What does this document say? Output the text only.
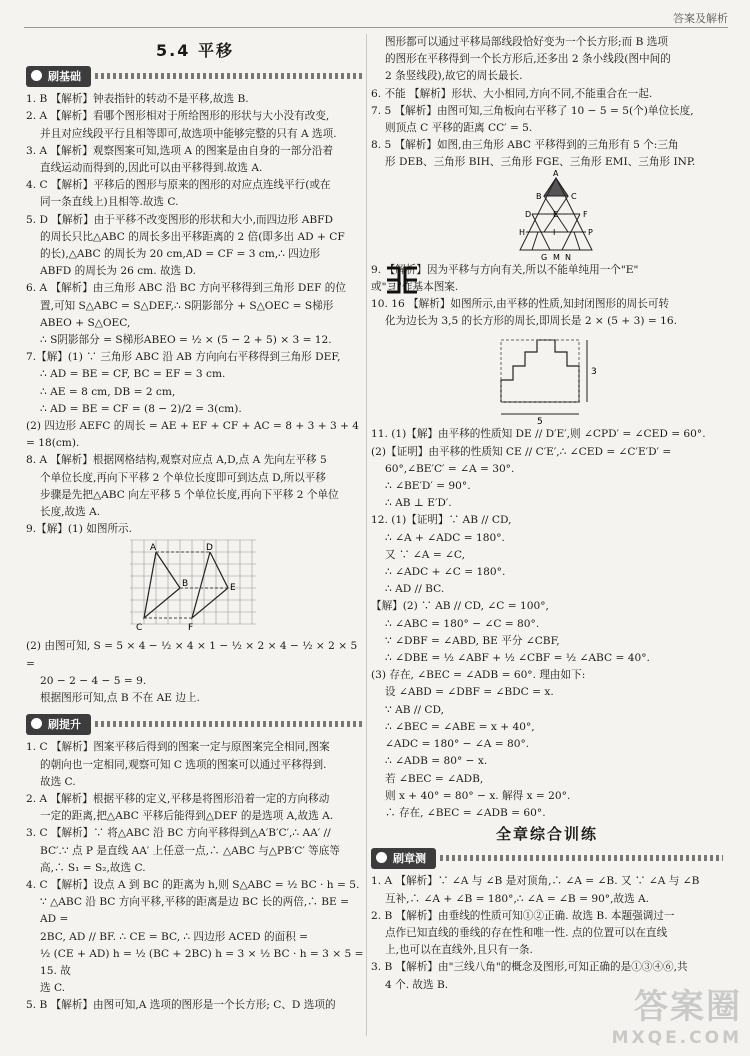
答案及解析
5.4 平移
刷基础

1. B 【解析】钟表指针的转动不是平移,故选 B.

2. A 【解析】看哪个图形相对于所给图形的形状与大小没有改变,

并且对应线段平行且相等即可,故选项中能够完整的只有 A 选项.

3. A 【解析】观察图案可知,选项 A 的图案是由自身的一部分沿着

直线运动而得到的,因此可以由平移得到.故选 A.

4. C 【解析】平移后的图形与原来的图形的对应点连线平行(或在

同一条直线上)且相等.故选 C.

5. D 【解析】由于平移不改变图形的形状和大小,而四边形 ABFD

的周长只比△ABC 的周长多出平移距离的 2 倍(即多出 AD + CF

的长),△ABC 的周长为 20 cm,AD = CF = 3 cm,∴ 四边形

ABFD 的周长为 26 cm. 故选 D.

6. A 【解析】由三角形 ABC 沿 BC 方向平移得到三角形 DEF 的位

置,可知 S△ABC = S△DEF,∴ S阴影部分 + S△OEC = S梯形ABEO + S△OEC,

∴ S阴影部分 = S梯形ABEO = ½ × (5 − 2 + 5) × 3 = 12.

7.【解】(1) ∵ 三角形 ABC 沿 AB 方向向右平移得到三角形 DEF,

∴ AD = BE = CF, BC = EF = 3 cm.

∴ AE = 8 cm, DB = 2 cm,

∴ AD = BE = CF = (8 − 2)/2 = 3(cm).

(2) 四边形 AEFC 的周长 = AE + EF + CF + AC = 8 + 3 + 3 + 4 = 18(cm).

8. A 【解析】根据网格结构,观察对应点 A,D,点 A 先向左平移 5

个单位长度,再向下平移 2 个单位长度即可到达点 D,所以平移

步骤是先把△ABC 向左平移 5 个单位长度,再向下平移 2 个单位

长度,故选 A.

9.【解】(1) 如图所示.

A	D
B	E
C	F

(2) 由图可知, S = 5 × 4 − ½ × 4 × 1 − ½ × 2 × 4 − ½ × 2 × 5 =

20 − 2 − 4 − 5 = 9.

根据图形可知,点 B 不在 AE 边上.

刷提升

1. C 【解析】图案平移后得到的图案一定与原图案完全相同,图案

的朝向也一定相同,观察可知 C 选项的图案可以通过平移得到.

故选 C.

2. A 【解析】根据平移的定义,平移是将图形沿着一定的方向移动

一定的距离,把△ABC 平移后能得到△DEF 的是选项 A,故选 A.

3. C 【解析】∵ 将△ABC 沿 BC 方向平移得到△A′B′C′,∴ AA′ //

BC′.∵ 点 P 是直线 AA′ 上任意一点,∴ △ABC 与△PB′C′ 等底等

高,∴ S₁ = S₂,故选 C.

4. C 【解析】设点 A 到 BC 的距离为 h,则 S△ABC = ½ BC · h = 5.

∵ △ABC 沿 BC 方向平移,平移的距离是边 BC 长的两倍,∴ BE = AD =

2BC, AD // BF. ∴ CE = BC, ∴ 四边形 ACED 的面积 =

½ (CE + AD) h = ½ (BC + 2BC) h = 3 × ½ BC · h = 3 × 5 = 15. 故

选 C.

5. B 【解析】由图可知,A 选项的图形是一个长方形; C、D 选项的

图形都可以通过平移局部线段恰好变为一个长方形;而 B 选项

的图形在平移得到一个长方形后,还多出 2 条小线段(图中间的

2 条竖线段),故它的周长最长.

6. 不能 【解析】形状、大小相同,方向不同,不能重合在一起.

7. 5 【解析】由图可知,三角板向右平移了 10 − 5 = 5(个)单位长度,

则顶点 C 平移的距离 CC′ = 5.

8. 5 【解析】如图,由三角形 ABC 平移得到的三角形有 5 个:三角

形 DEB、三角形 BIH、三角形 FGE、三角形 EMI、三角形 INP.

A
B	C
D	E	F
H	I	P
G M N

9. 【解析】因为平移与方向有关,所以不能单纯用一个"E"

或"ヨ"作基本图案.

10. 16 【解析】如图所示,由平移的性质,知封闭图形的周长可转

化为边长为 3,5 的长方形的周长,即周长是 2 × (5 + 3) = 16.

3
5

11. (1)【解】由平移的性质知 DE // D′E′,则 ∠CPD′ = ∠CED = 60°.

(2)【证明】由平移的性质知 CE // C′E′,∴ ∠CED = ∠C′E′D′ =

60°,∠BE′C′ = ∠A = 30°.

∴ ∠BE′D′ = 90°.

∴ AB ⊥ E′D′.

12. (1)【证明】∵ AB // CD,

∴ ∠A + ∠ADC = 180°.

又 ∵ ∠A = ∠C,

∴ ∠ADC + ∠C = 180°.

∴ AD // BC.

【解】(2) ∵ AB // CD, ∠C = 100°,

∴ ∠ABC = 180° − ∠C = 80°.

∵ ∠DBF = ∠ABD, BE 平分 ∠CBF,

∴ ∠DBE = ½ ∠ABF + ½ ∠CBF = ½ ∠ABC = 40°.

(3) 存在, ∠BEC = ∠ADB = 60°. 理由如下:

设 ∠ABD = ∠DBF = ∠BDC = x.

∵ AB // CD,

∴ ∠BEC = ∠ABE = x + 40°,

∠ADC = 180° − ∠A = 80°.

∴ ∠ADB = 80° − x.

若 ∠BEC = ∠ADB,

则 x + 40° = 80° − x. 解得 x = 20°.

∴ 存在, ∠BEC = ∠ADB = 60°.

全章综合训练
刷章测

1. A 【解析】∵ ∠A 与 ∠B 是对顶角,∴ ∠A = ∠B. 又 ∵ ∠A 与 ∠B

互补,∴ ∠A + ∠B = 180°,∴ ∠A = ∠B = 90°,故选 A.

2. B 【解析】由垂线的性质可知①②正确. 故选 B. 本题强调过一

点作已知直线的垂线的存在性和唯一性. 点的位置可以在直线

上,也可以在直线外,且只有一条.

3. B 【解析】由"三线八角"的概念及图形,可知正确的是①③④⑥,共

4 个. 故选 B.

答案圈
MXQE.COM
